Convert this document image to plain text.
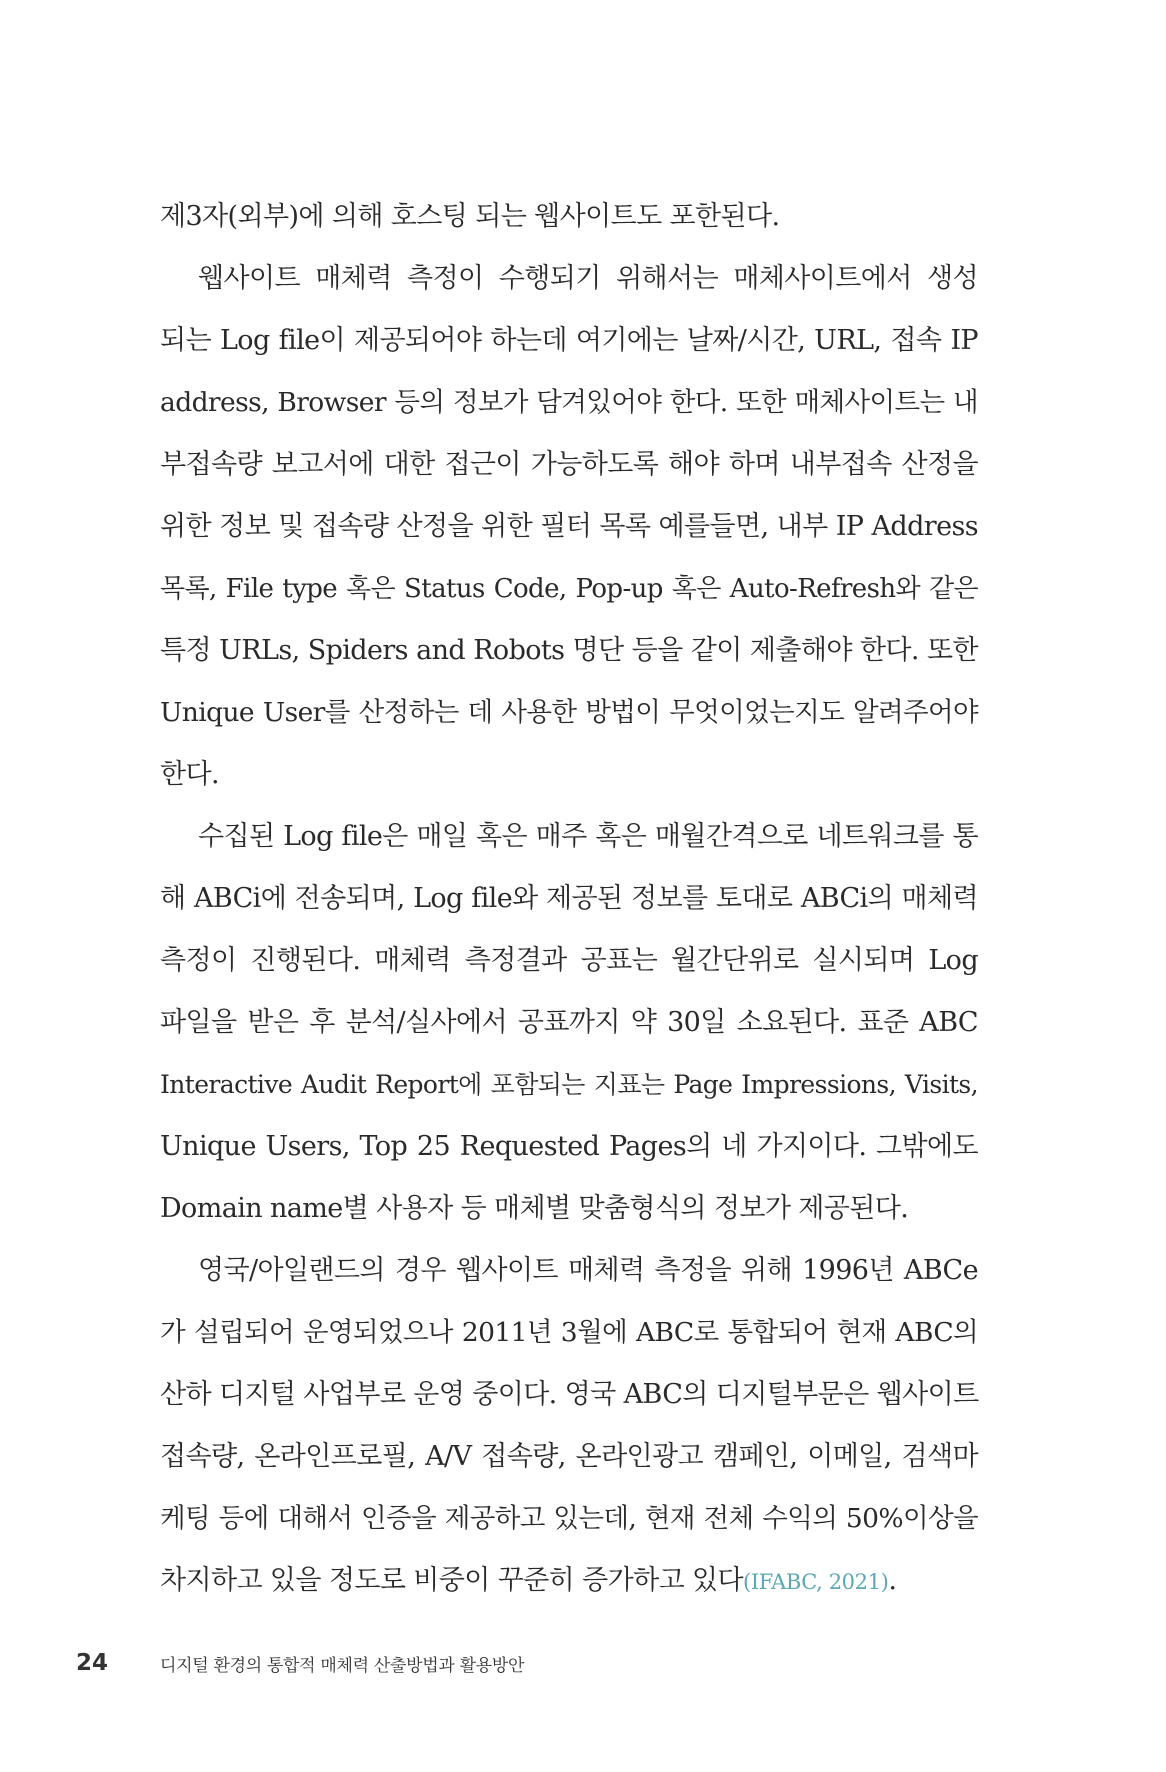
제3자(외부)에 의해 호스팅 되는 웹사이트도 포한된다.
웹사이트 매체력 측정이 수행되기 위해서는 매체사이트에서 생성
되는 Log file이 제공되어야 하는데 여기에는 날짜/시간, URL, 접속 IP
address, Browser 등의 정보가 담겨있어야 한다. 또한 매체사이트는 내
부접속량 보고서에 대한 접근이 가능하도록 해야 하며 내부접속 산정을
위한 정보 및 접속량 산정을 위한 필터 목록 예를들면, 내부 IP Address
목록, File type 혹은 Status Code, Pop-up 혹은 Auto-Refresh와 같은
특정 URLs, Spiders and Robots 명단 등을 같이 제출해야 한다. 또한
Unique User를 산정하는 데 사용한 방법이 무엇이었는지도 알려주어야
한다.
수집된 Log file은 매일 혹은 매주 혹은 매월간격으로 네트워크를 통
해 ABCi에 전송되며, Log file와 제공된 정보를 토대로 ABCi의 매체력
측정이 진행된다. 매체력 측정결과 공표는 월간단위로 실시되며 Log
파일을 받은 후 분석/실사에서 공표까지 약 30일 소요된다. 표준 ABC
Interactive Audit Report에 포함되는 지표는 Page Impressions, Visits,
Unique Users, Top 25 Requested Pages의 네 가지이다. 그밖에도
Domain name별 사용자 등 매체별 맞춤형식의 정보가 제공된다.
영국/아일랜드의 경우 웹사이트 매체력 측정을 위해 1996년 ABCe
가 설립되어 운영되었으나 2011년 3월에 ABC로 통합되어 현재 ABC의
산하 디지털 사업부로 운영 중이다. 영국 ABC의 디지털부문은 웹사이트
접속량, 온라인프로필, A/V 접속량, 온라인광고 캠페인, 이메일, 검색마
케팅 등에 대해서 인증을 제공하고 있는데, 현재 전체 수익의 50%이상을
차지하고 있을 정도로 비중이 꾸준히 증가하고 있다(IFABC, 2021).
24	디지털 환경의 통합적 매체력 산출방법과 활용방안
